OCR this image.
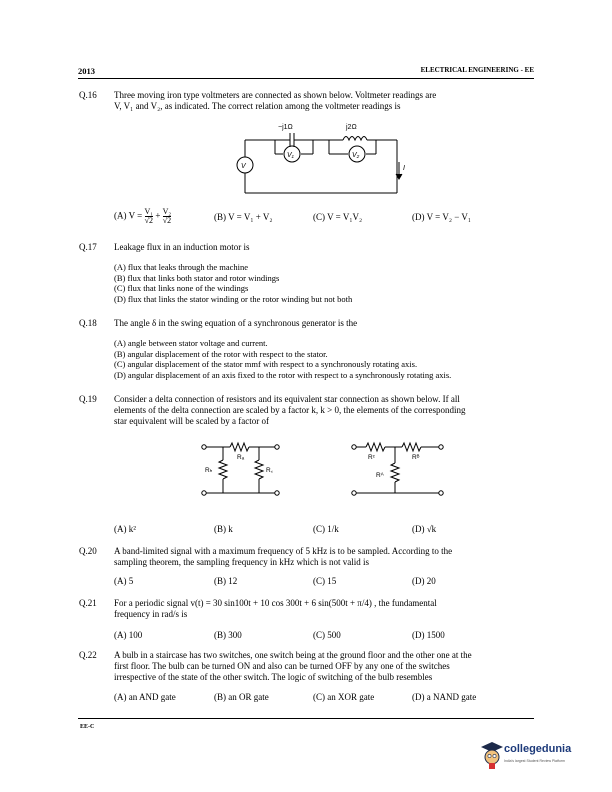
2013	ELECTRICAL ENGINEERING - EE
Q.16 Three moving iron type voltmeters are connected as shown below. Voltmeter readings are
V, V₁ and V₂, as indicated. The correct relation among the voltmeter readings is
−j1Ω	j2Ω
V
V₁	V₂
I
(A) $V = \frac{\text{V₁}}{√2} + \frac{\text{V₂}}{√2}$	(B) V = V₁ + V₂	(C) V = V₁V₂	(D) V = V₂ − V₁
Q.17 Leakage flux in an induction motor is
(A) flux that leaks through the machine
(B) flux that links both stator and rotor windings
(C) flux that links none of the windings
(D) flux that links the stator winding or the rotor winding but not both
Q.18 The angle δ in the swing equation of a synchronous generator is the
(A) angle between stator voltage and current.
(B) angular displacement of the rotor with respect to the stator.
(C) angular displacement of the stator mmf with respect to a synchronously rotating axis.
(D) angular displacement of an axis fixed to the rotor with respect to a synchronously rotating axis.
Q.19 Consider a delta connection of resistors and its equivalent star connection as shown below. If all
elements of the delta connection are scaled by a factor k, k > 0, the elements of the corresponding
star equivalent will be scaled by a factor of
Rₐ
Rₕ	R꜀
Rᶜ	Rᴮ
Rᴬ
(A) k²	(B) k	(C) 1/k	(D) √k
Q.20 A band-limited signal with a maximum frequency of 5 kHz is to be sampled. According to the
sampling theorem, the sampling frequency in kHz which is not valid is
(A) 5	(B) 12	(C) 15	(D) 20
Q.21 For a periodic signal v(t) = 30 sin100t + 10 cos 300t + 6 sin(500t + π/4) , the fundamental
frequency in rad/s is
(A) 100	(B) 300	(C) 500	(D) 1500
Q.22 A bulb in a staircase has two switches, one switch being at the ground floor and the other one at the
first floor. The bulb can be turned ON and also can be turned OFF by any one of the switches
irrespective of the state of the other switch. The logic of switching of the bulb resembles
(A) an AND gate	(B) an OR gate	(C) an XOR gate	(D) a NAND gate
EE-C
collegedunia
India's largest Student Review Platform
